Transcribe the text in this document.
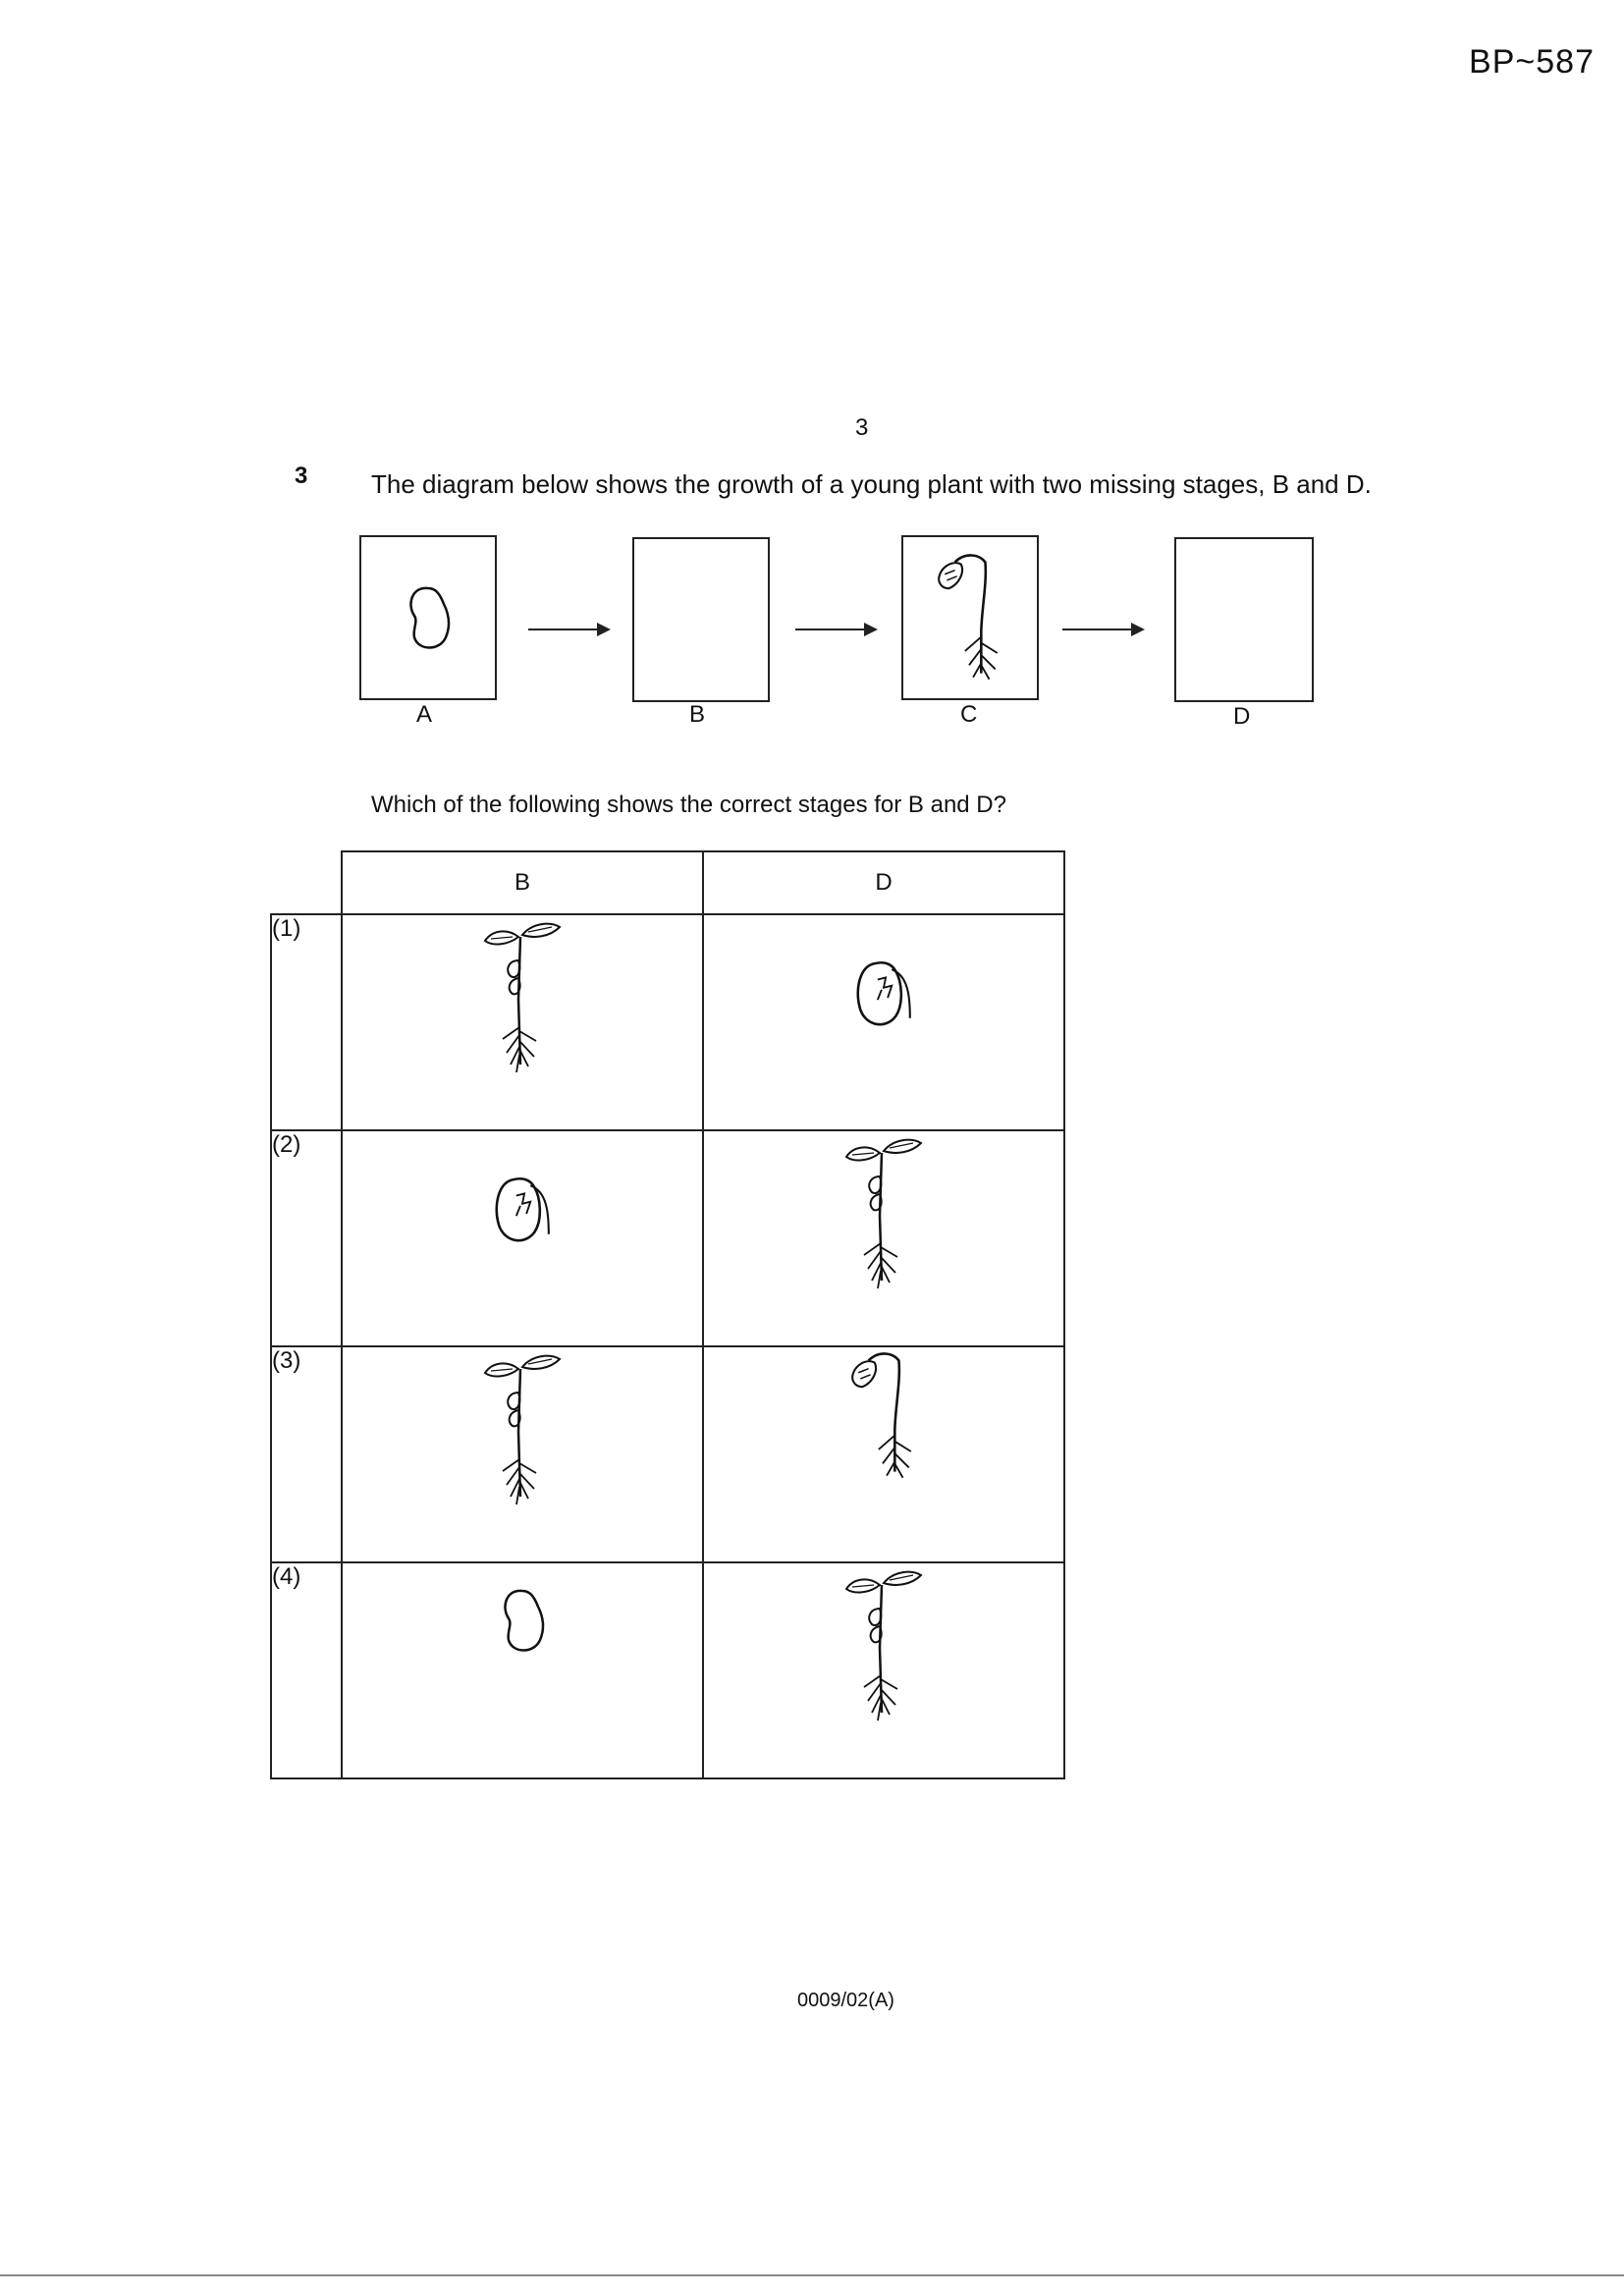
BP~587
3
3 The diagram below shows the growth of a young plant with two missing stages, B and D.
A	B	C	D
Which of the following shows the correct stages for B and D?
	B	D
(1)		
(2)		
(3)		
(4)		
0009/02(A)
